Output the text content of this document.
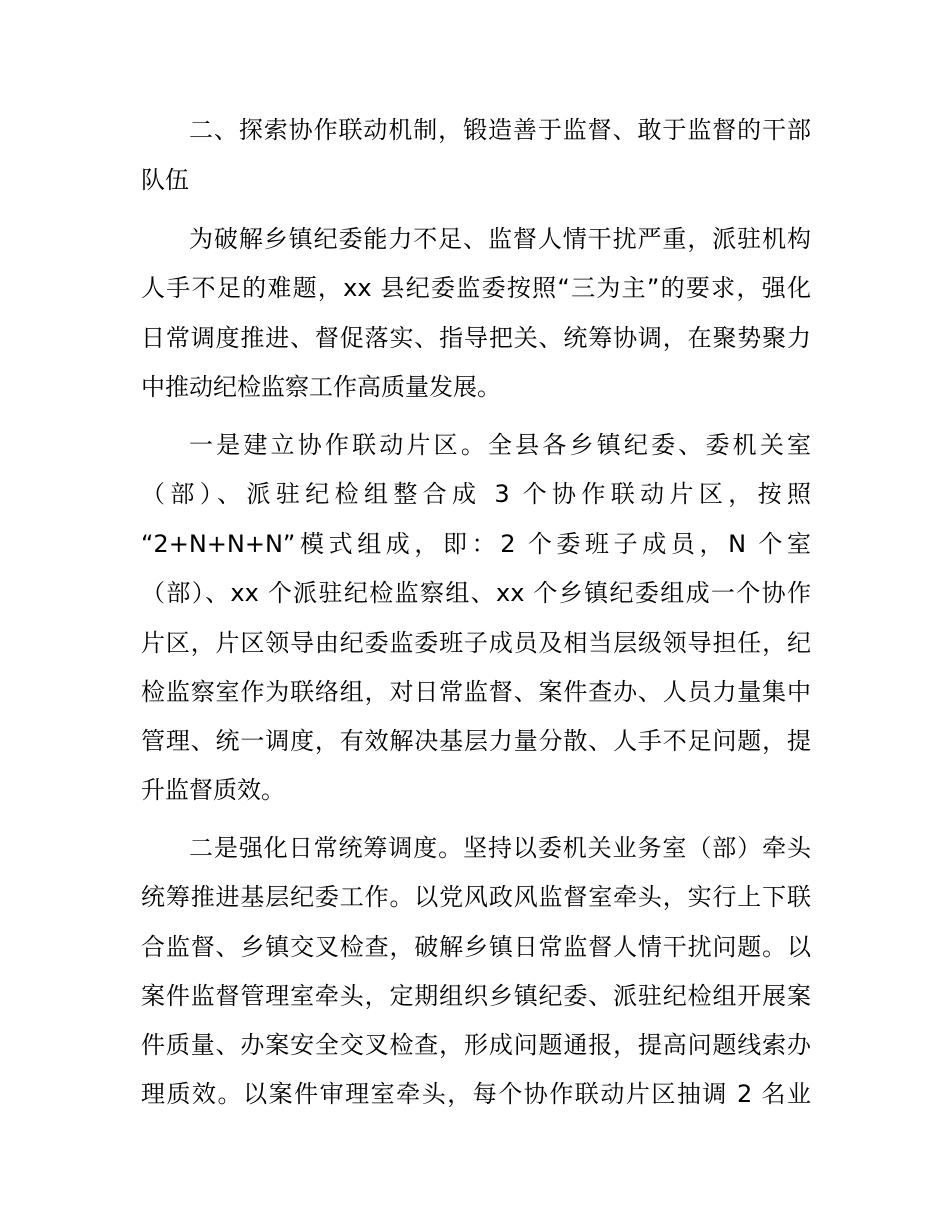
二、探索协作联动机制，锻造善于监督、敢于监督的干部
队伍
为破解乡镇纪委能力不足、监督人情干扰严重，派驻机构
人手不足的难题，xx 县纪委监委按照“三为主”的要求，强化
日常调度推进、督促落实、指导把关、统筹协调，在聚势聚力
中推动纪检监察工作高质量发展。
一是建立协作联动片区。全县各乡镇纪委、委机关室
（部）、派驻纪检组整合成 3 个协作联动片区，按照
“2+N+N+N”模式组成，即：2 个委班子成员，N 个室
（部）、xx 个派驻纪检监察组、xx 个乡镇纪委组成一个协作
片区，片区领导由纪委监委班子成员及相当层级领导担任，纪
检监察室作为联络组，对日常监督、案件查办、人员力量集中
管理、统一调度，有效解决基层力量分散、人手不足问题，提
升监督质效。
二是强化日常统筹调度。坚持以委机关业务室（部）牵头
统筹推进基层纪委工作。以党风政风监督室牵头，实行上下联
合监督、乡镇交叉检查，破解乡镇日常监督人情干扰问题。以
案件监督管理室牵头，定期组织乡镇纪委、派驻纪检组开展案
件质量、办案安全交叉检查，形成问题通报，提高问题线索办
理质效。以案件审理室牵头，每个协作联动片区抽调 2 名业
